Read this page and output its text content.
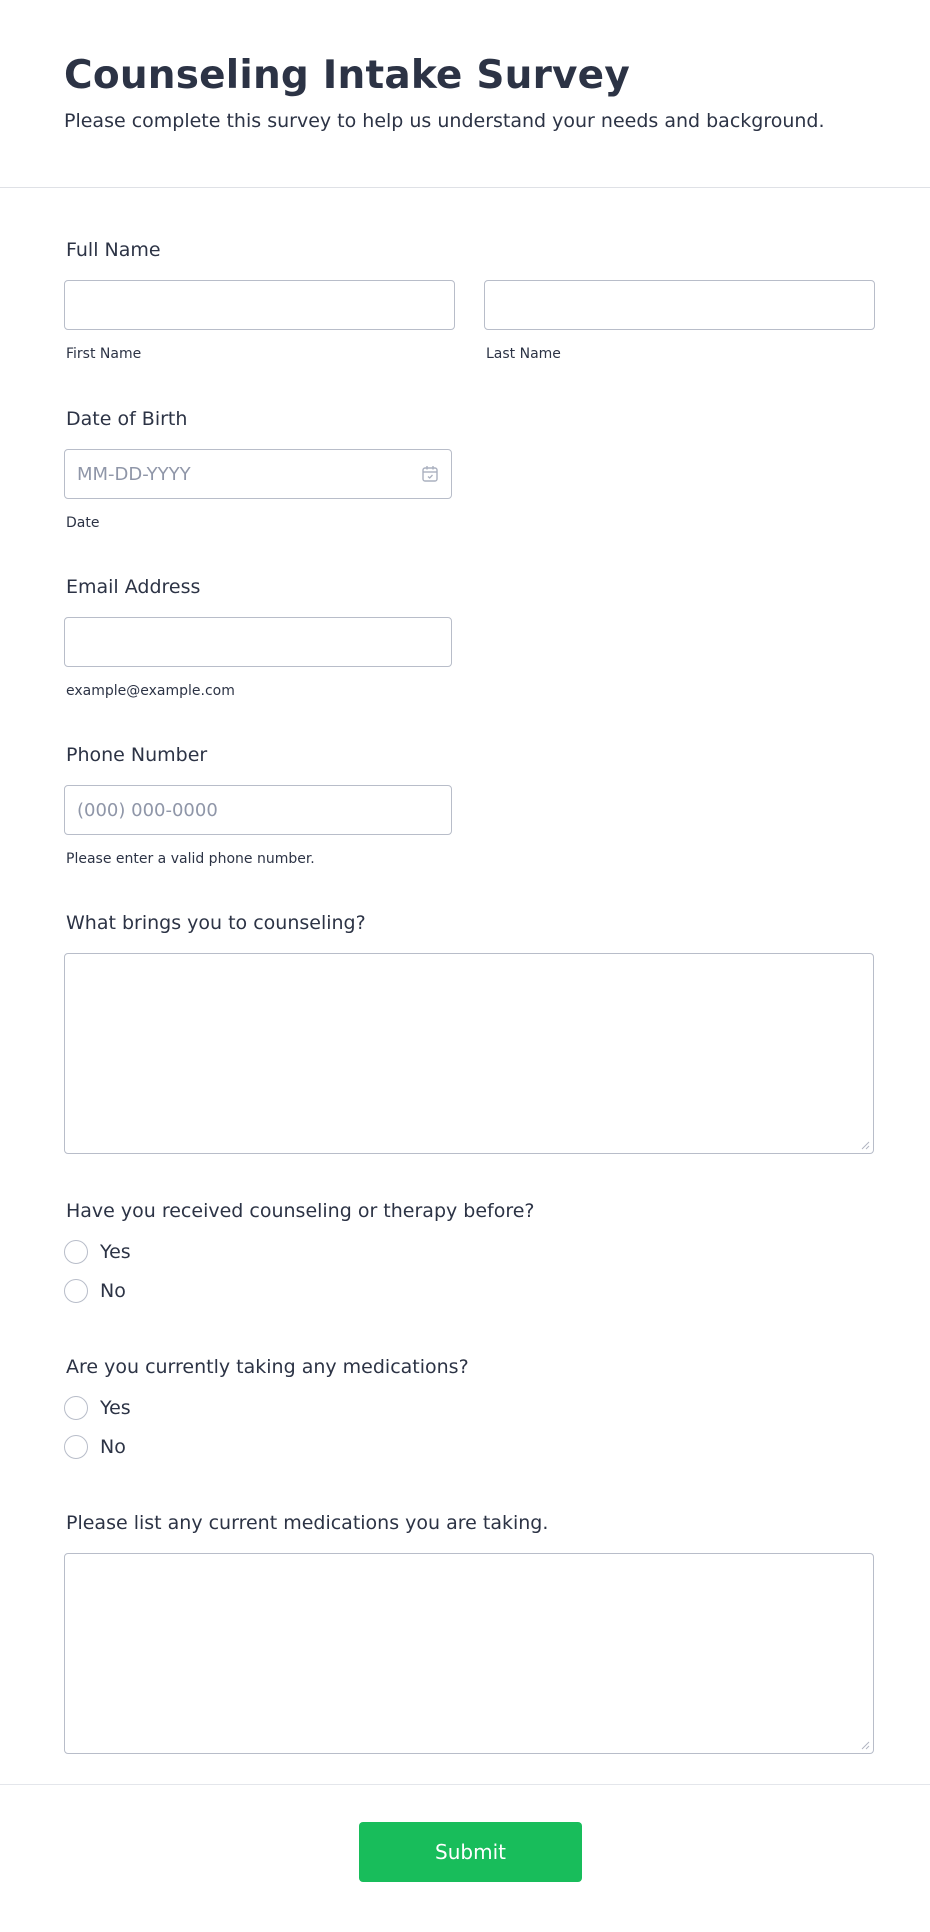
Counseling Intake Survey
Please complete this survey to help us understand your needs and background.
Full Name
First Name	Last Name
Date of Birth
MM-DD-YYYY
Date
Email Address
example@example.com
Phone Number
(000) 000-0000
Please enter a valid phone number.
What brings you to counseling?
Have you received counseling or therapy before?
Yes
No
Are you currently taking any medications?
Yes
No
Please list any current medications you are taking.
Submit
